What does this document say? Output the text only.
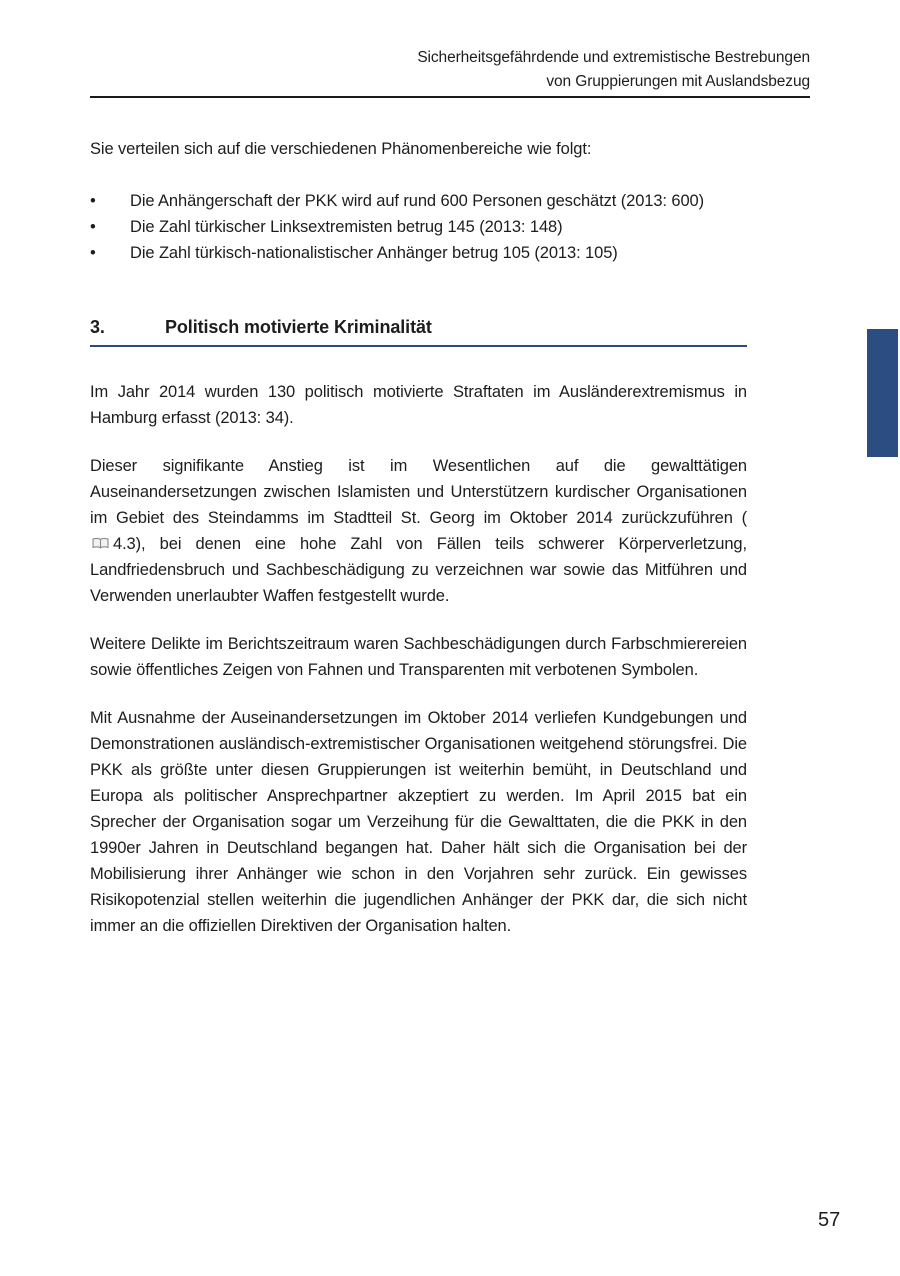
Sicherheitsgefährdende und extremistische Bestrebungen
von Gruppierungen mit Auslandsbezug

Sie verteilen sich auf die verschiedenen Phänomenbereiche wie folgt:

•	Die Anhängerschaft der PKK wird auf rund 600 Personen geschätzt (2013: 600)
•	Die Zahl türkischer Linksextremisten betrug 145 (2013: 148)
•	Die Zahl türkisch-nationalistischer Anhänger betrug 105 (2013: 105)
3.	Politisch motivierte Kriminalität

Im Jahr 2014 wurden 130 politisch motivierte Straftaten im Ausländerextremismus in Hamburg erfasst (2013: 34).

Dieser signifikante Anstieg ist im Wesentlichen auf die gewalttätigen Auseinandersetzungen zwischen Islamisten und Unterstützern kurdischer Organisationen im Gebiet des Steindamms im Stadtteil St. Georg im Oktober 2014 zurückzuführen (4.3), bei denen eine hohe Zahl von Fällen teils schwerer Körperverletzung, Landfriedensbruch und Sachbeschädigung zu verzeichnen war sowie das Mitführen und Verwenden unerlaubter Waffen festgestellt wurde.

Weitere Delikte im Berichtszeitraum waren Sachbeschädigungen durch Farbschmierereien sowie öffentliches Zeigen von Fahnen und Transparenten mit verbotenen Symbolen.

Mit Ausnahme der Auseinandersetzungen im Oktober 2014 verliefen Kundgebungen und Demonstrationen ausländisch-extremistischer Organisationen weitgehend störungsfrei. Die PKK als größte unter diesen Gruppierungen ist weiterhin bemüht, in Deutschland und Europa als politischer Ansprechpartner akzeptiert zu werden. Im April 2015 bat ein Sprecher der Organisation sogar um Verzeihung für die Gewalttaten, die die PKK in den 1990er Jahren in Deutschland begangen hat. Daher hält sich die Organisation bei der Mobilisierung ihrer Anhänger wie schon in den Vorjahren sehr zurück. Ein gewisses Risikopotenzial stellen weiterhin die jugendlichen Anhänger der PKK dar, die sich nicht immer an die offiziellen Direktiven der Organisation halten.

57
